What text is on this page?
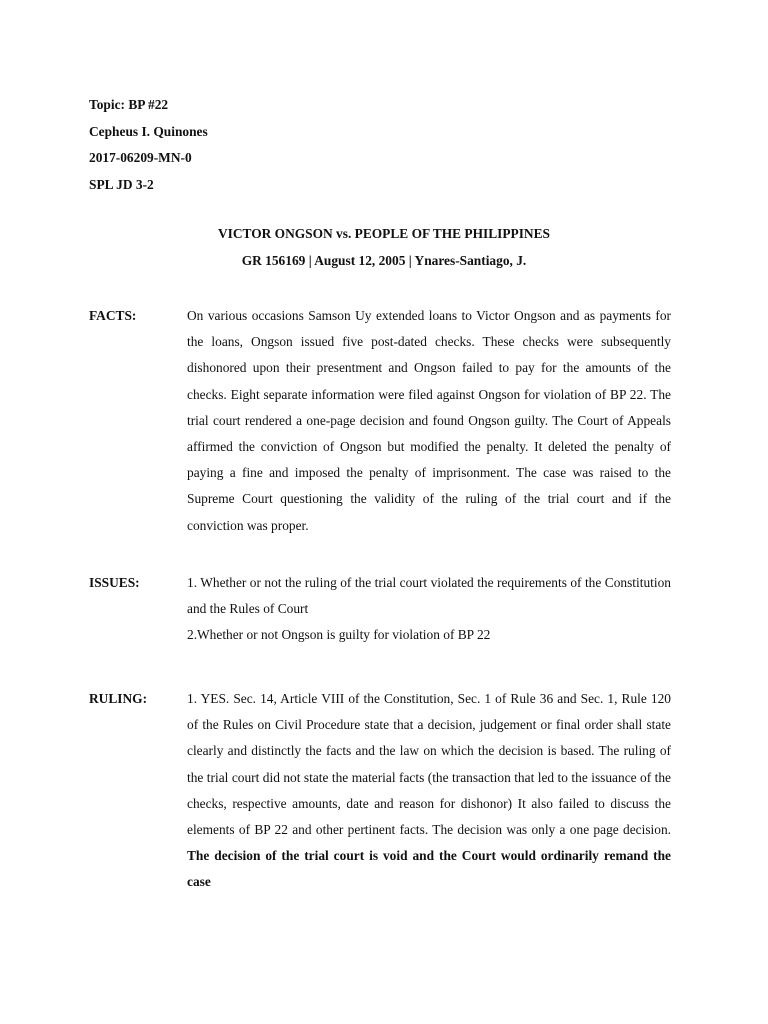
Topic: BP #22
Cepheus I. Quinones
2017-06209-MN-0
SPL JD 3-2
VICTOR ONGSON vs. PEOPLE OF THE PHILIPPINES
GR 156169 | August 12, 2005 | Ynares-Santiago, J.
FACTS:	On various occasions Samson Uy extended loans to Victor Ongson and as payments for the loans, Ongson issued five post-dated checks. These checks were subsequently dishonored upon their presentment and Ongson failed to pay for the amounts of the checks. Eight separate information were filed against Ongson for violation of BP 22. The trial court rendered a one-page decision and found Ongson guilty. The Court of Appeals affirmed the conviction of Ongson but modified the penalty. It deleted the penalty of paying a fine and imposed the penalty of imprisonment. The case was raised to the Supreme Court questioning the validity of the ruling of the trial court and if the conviction was proper.

ISSUES:	1. Whether or not the ruling of the trial court violated the requirements of the Constitution and the Rules of Court

2.Whether or not Ongson is guilty for violation of BP 22

RULING:	1. YES. Sec. 14, Article VIII of the Constitution, Sec. 1 of Rule 36 and Sec. 1, Rule 120 of the Rules on Civil Procedure state that a decision, judgement or final order shall state clearly and distinctly the facts and the law on which the decision is based. The ruling of the trial court did not state the material facts (the transaction that led to the issuance of the checks, respective amounts, date and reason for dishonor) It also failed to discuss the elements of BP 22 and other pertinent facts. The decision was only a one page decision. The decision of the trial court is void and the Court would ordinarily remand the case
